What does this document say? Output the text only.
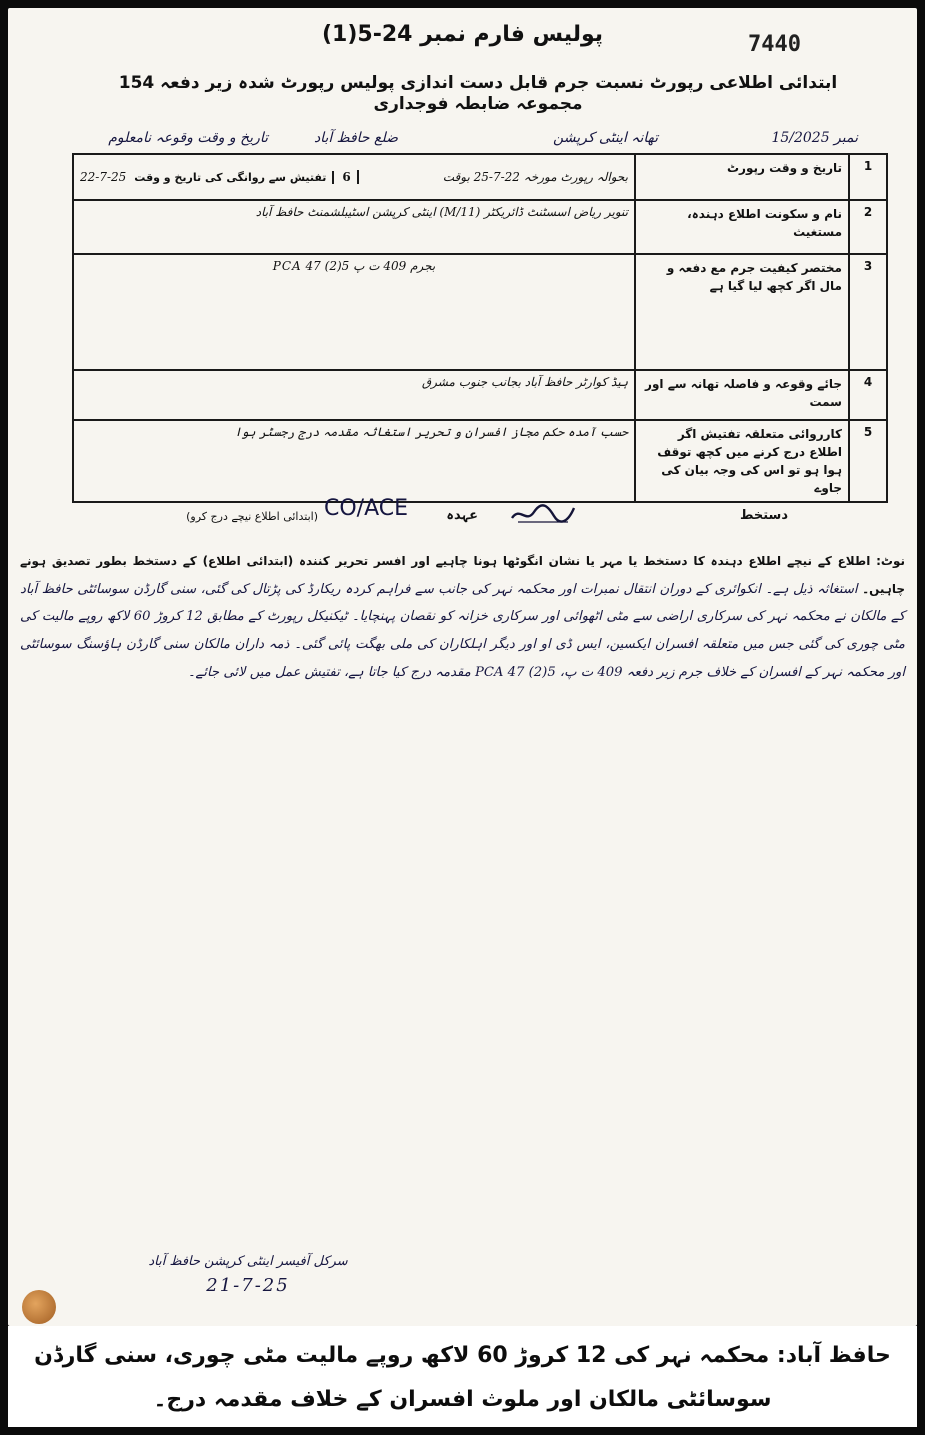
پولیس فارم نمبر 24-5(1)	7440
ابتدائی اطلاعی رپورٹ نسبت جرم قابل دست اندازی پولیس رپورٹ شدہ زیر دفعہ 154 مجموعہ ضابطہ فوجداری
نمبر 15/2025
تھانہ اینٹی کرپشن
ضلع حافظ آباد
تاریخ و وقت وقوعہ نامعلوم
1	تاریخ و وقت رپورٹ	بحوالہ رپورٹ مورخہ 22-7-25 بوقت
6
تفتیش سے روانگی کی تاریخ و وقت
22-7-25

2	نام و سکونت اطلاع دہندہ، مستغیث	تنویر ریاض اسسٹنٹ ڈائریکٹر (M/11) اینٹی کرپشن اسٹیبلشمنٹ حافظ آباد
3	مختصر کیفیت جرم مع دفعہ و مال اگر کچھ لیا گیا ہے	بجرم 409 ت پ 5(2) 47 PCA
4	جائے وقوعہ و فاصلہ تھانہ سے اور سمت	ہیڈ کوارٹر حافظ آباد بجانب جنوب مشرق
5	کارروائی متعلقہ تفتیش اگر اطلاع درج کرنے میں کچھ توقف ہوا ہو تو اس کی وجہ بیان کی جاوے	حسب آمدہ حکم مجاز افسران و تحریر استغاثہ مقدمہ درج رجسٹر ہوا
دستخط
عہدہ
CO/ACE
(ابتدائی اطلاع نیچے درج کرو)
نوٹ: اطلاع کے نیچے اطلاع دہندہ کا دستخط یا مہر یا نشان انگوٹھا ہونا چاہیے اور افسر تحریر کنندہ (ابتدائی اطلاع) کے دستخط بطور تصدیق ہونے چاہیں۔ استغاثہ ذیل ہے۔ انکوائری کے دوران انتقال نمبرات اور محکمہ نہر کی جانب سے فراہم کردہ ریکارڈ کی پڑتال کی گئی، سنی گارڈن سوسائٹی حافظ آباد کے مالکان نے محکمہ نہر کی سرکاری اراضی سے مٹی اٹھوائی اور سرکاری خزانہ کو نقصان پہنچایا۔ ٹیکنیکل رپورٹ کے مطابق 12 کروڑ 60 لاکھ روپے مالیت کی مٹی چوری کی گئی جس میں متعلقہ افسران ایکسین، ایس ڈی او اور دیگر اہلکاران کی ملی بھگت پائی گئی۔ ذمہ داران مالکان سنی گارڈن ہاؤسنگ سوسائٹی اور محکمہ نہر کے افسران کے خلاف جرم زیر دفعہ 409 ت پ، 5(2) 47 PCA مقدمہ درج کیا جاتا ہے، تفتیش عمل میں لائی جائے۔
سرکل آفیسر اینٹی کرپشن حافظ آباد
21-7-25
حافظ آباد: محکمہ نہر کی 12 کروڑ 60 لاکھ روپے مالیت مٹی چوری، سنی گارڈن
سوسائٹی مالکان اور ملوث افسران کے خلاف مقدمہ درج۔
